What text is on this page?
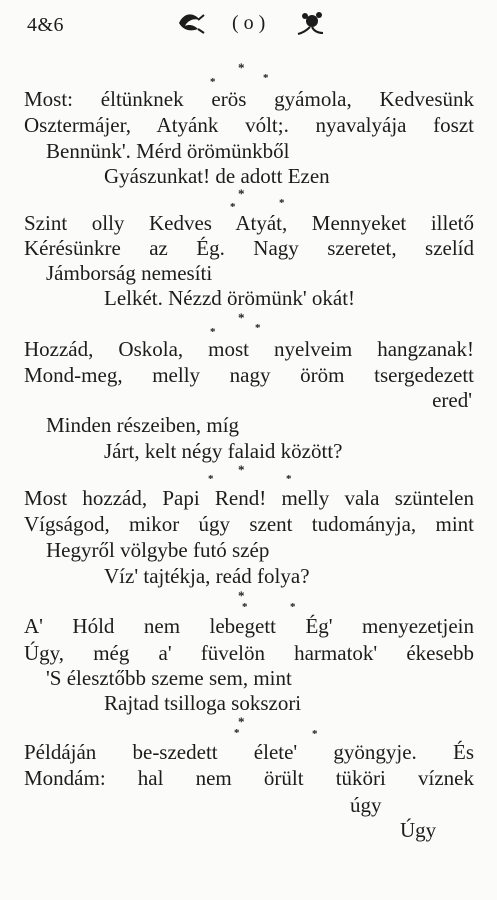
4&6	( o )
*
*	*
Most: éltünknek erös gyámola, Kedvesünk
Osztermájer, Atyánk vólt;. nyavalyája foszt
Bennünk'. Mérd örömünkből
Gyászunkat! de adott Ezen
*
*	*
Szint olly Kedves Atyát, Mennyeket illető
Kérésünkre az Ég. Nagy szeretet, szelíd
Jámborság nemesíti
Lelkét. Nézzd örömünk' okát!
*
*	*
Hozzád, Oskola, most nyelveim hangzanak!
Mond-meg, melly nagy öröm tsergedezett
ered'
Minden részeiben, míg
Járt, kelt négy falaid között?
*
*	*
Most hozzád, Papi Rend! melly vala szüntelen
Vígságod, mikor úgy szent tudományja, mint
Hegyről völgybe futó szép
Víz' tajtékja, reád folya?
*
*	*
A' Hóld nem lebegett Ég' menyezetjein
Úgy, még a' füvelön harmatok' ékesebb
'S élesztőbb szeme sem, mint
Rajtad tsilloga sokszori
*
*	*
Példáján be-szedett élete' gyöngyje. És
Mondám: hal nem örült tüköri víznek
úgy
Úgy
